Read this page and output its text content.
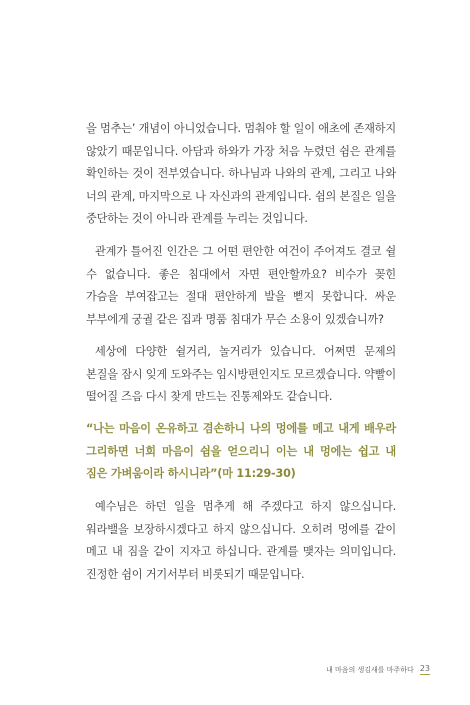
을 멈추는’ 개념이 아니었습니다. 멈춰야 할 일이 애초에 존재하지 않았기 때문입니다. 아담과 하와가 가장 처음 누렸던 쉼은 관계를 확인하는 것이 전부였습니다. 하나님과 나와의 관계, 그리고 나와 너의 관계, 마지막으로 나 자신과의 관계입니다. 쉼의 본질은 일을 중단하는 것이 아니라 관계를 누리는 것입니다.

관계가 틀어진 인간은 그 어떤 편안한 여건이 주어져도 결코 쉴 수 없습니다. 좋은 침대에서 자면 편안할까요? 비수가 꽂힌 가슴을 부여잡고는 절대 편안하게 발을 뻗지 못합니다. 싸운 부부에게 궁궐 같은 집과 명품 침대가 무슨 소용이 있겠습니까?

세상에 다양한 쉴거리, 놀거리가 있습니다. 어쩌면 문제의 본질을 잠시 잊게 도와주는 임시방편인지도 모르겠습니다. 약빨이 떨어질 즈음 다시 찾게 만드는 진통제와도 같습니다.

“나는 마음이 온유하고 겸손하니 나의 멍에를 메고 내게 배우라 그리하면 너희 마음이 쉼을 얻으리니 이는 내 멍에는 쉽고 내 짐은 가벼움이라 하시니라”(마 11:29-30)

예수님은 하던 일을 멈추게 해 주겠다고 하지 않으십니다. 워라밸을 보장하시겠다고 하지 않으십니다. 오히려 멍에를 같이 메고 내 짐을 같이 지자고 하십니다. 관계를 맺자는 의미입니다. 진정한 쉼이 거기서부터 비롯되기 때문입니다.

내 마음의 생김새를 마주하다 23
